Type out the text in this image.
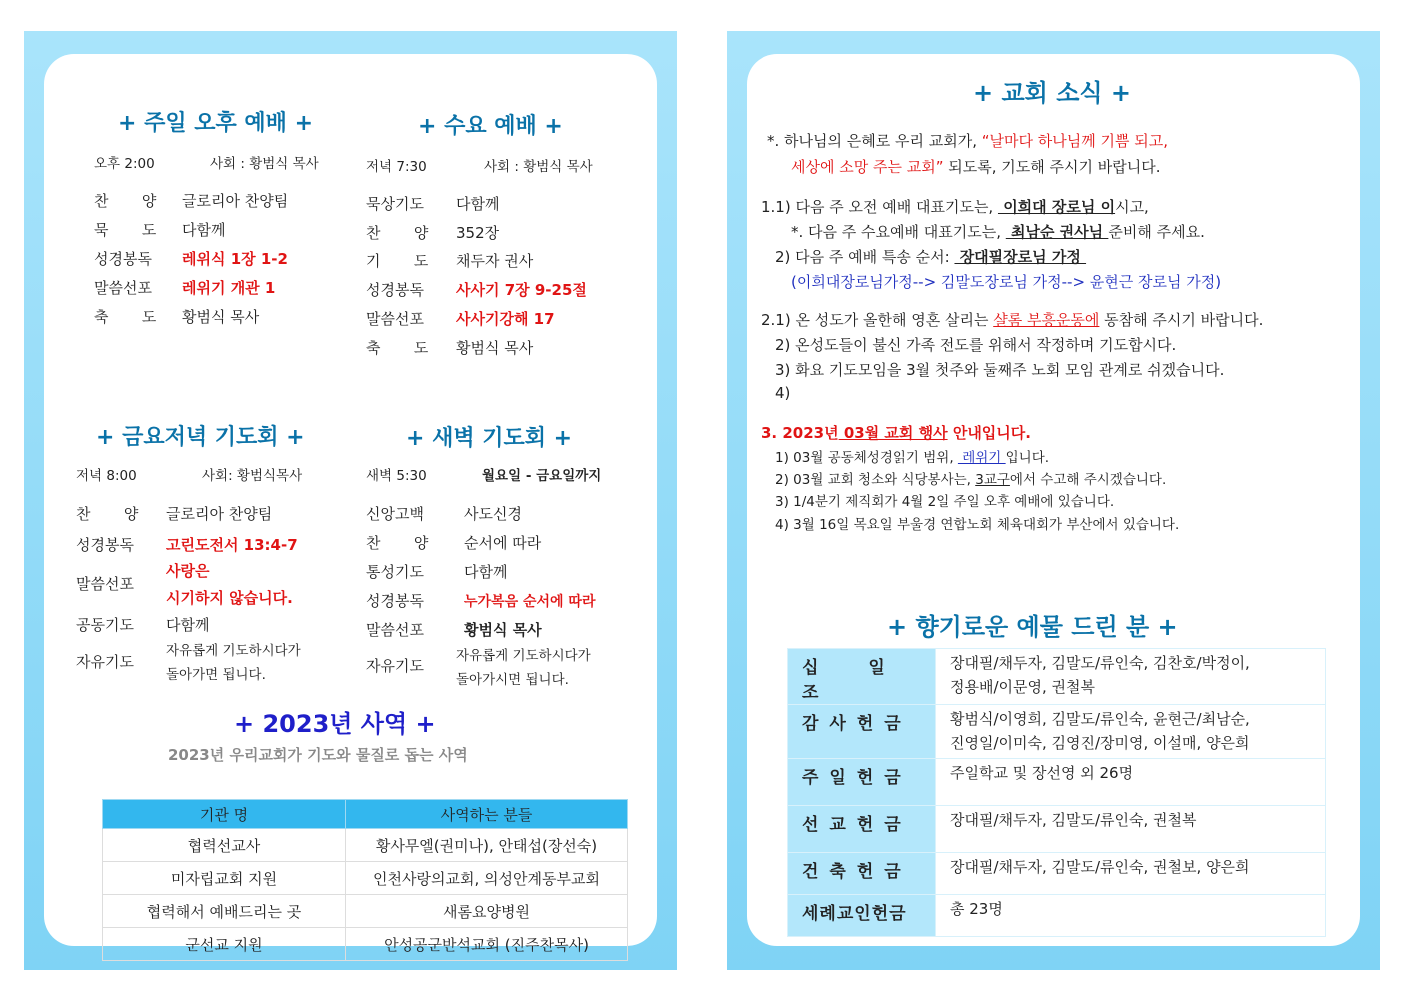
+ 주일 오후 예배 +
오후 2:00	사회 : 황범식 목사
찬       양 글로리아 찬양팀
묵       도 다함께
성경봉독 레위식 1장 1-2
말씀선포 레위기 개관 1
축       도 황범식 목사
+ 수요 예배 +
저녁 7:30	사회 : 황범식 목사
묵상기도 다함께
찬       양 352장
기       도 채두자 권사
성경봉독 사사기 7장 9-25절
말씀선포 사사기강해 17
축       도 황범식 목사
+ 금요저녁 기도회 +
저녁 8:00	사회: 황범식목사
찬       양 글로리아 찬양팀
성경봉독 고린도전서 13:4-7
말씀선포
사랑은
시기하지 않습니다.
공동기도 다함께
자유기도
자유롭게 기도하시다가
돌아가면 됩니다.
+ 새벽 기도회 +
새벽 5:30	월요일 - 금요일까지
신앙고백	사도신경
찬       양 순서에 따라
통성기도	다함께
성경봉독	누가복음 순서에 따라
말씀선포	황범식 목사
자유기도
자유롭게 기도하시다가
돌아가시면 됩니다.
+ 2023년 사역 +
2023년 우리교회가 기도와 물질로 돕는 사역
기관 명	사역하는 분들
협력선교사	황사무엘(권미나), 안태섭(장선숙)
미자립교회 지원	인천사랑의교회, 의성안계동부교회
협력해서 예배드리는 곳	새롬요양병원
군선교 지원	안성공군반석교회 (진주찬목사)
+ 교회 소식 +
*. 하나님의 은혜로 우리 교회가, “날마다 하나님께 기쁨 되고,
세상에 소망 주는 교회” 되도록, 기도해 주시기 바랍니다.
1.1) 다음 주 오전 예배 대표기도는,  이희대 장로님 이시고,
*. 다음 주 수요예배 대표기도는,  최남순 권사님 준비해 주세요.
2) 다음 주 예배 특송 순서:  장대필장로님 가정
(이희대장로님가정--> 김말도장로님 가정--> 윤현근 장로님 가정)
2.1) 온 성도가 올한해 영혼 살리는 샬롬 부흥운동에 동참해 주시기 바랍니다.
2) 온성도들이 불신 가족 전도를 위해서 작정하며 기도합시다.
3) 화요 기도모임을 3월 첫주와 둘째주 노회 모임 관계로 쉬겠습니다.
4)
3. 2023년 03월 교회 행사 안내입니다.
1) 03월 공동체성경읽기 범위,  레위기 입니다.
2) 03월 교회 청소와 식당봉사는, 3교구에서 수고해 주시겠습니다.
3) 1/4분기 제직회가 4월 2일 주일 오후 예배에 있습니다.
4) 3월 16일 목요일 부울경 연합노회 체육대회가 부산에서 있습니다.
+ 향기로운 예물 드린 분 +
십 일 조	장대필/채두자, 김말도/류인숙, 김찬호/박정이,
정용배/이문영, 권철복

감사헌금	황범식/이영희, 김말도/류인숙, 윤현근/최남순,
진영일/이미숙, 김영진/장미영, 이설매, 양은희

주일헌금	주일학교 및 장선영 외 26명

선교헌금	장대필/채두자, 김말도/류인숙, 권철복

건축헌금	장대필/채두자, 김말도/류인숙, 권철보, 양은희

세례교인헌금	총 23명
